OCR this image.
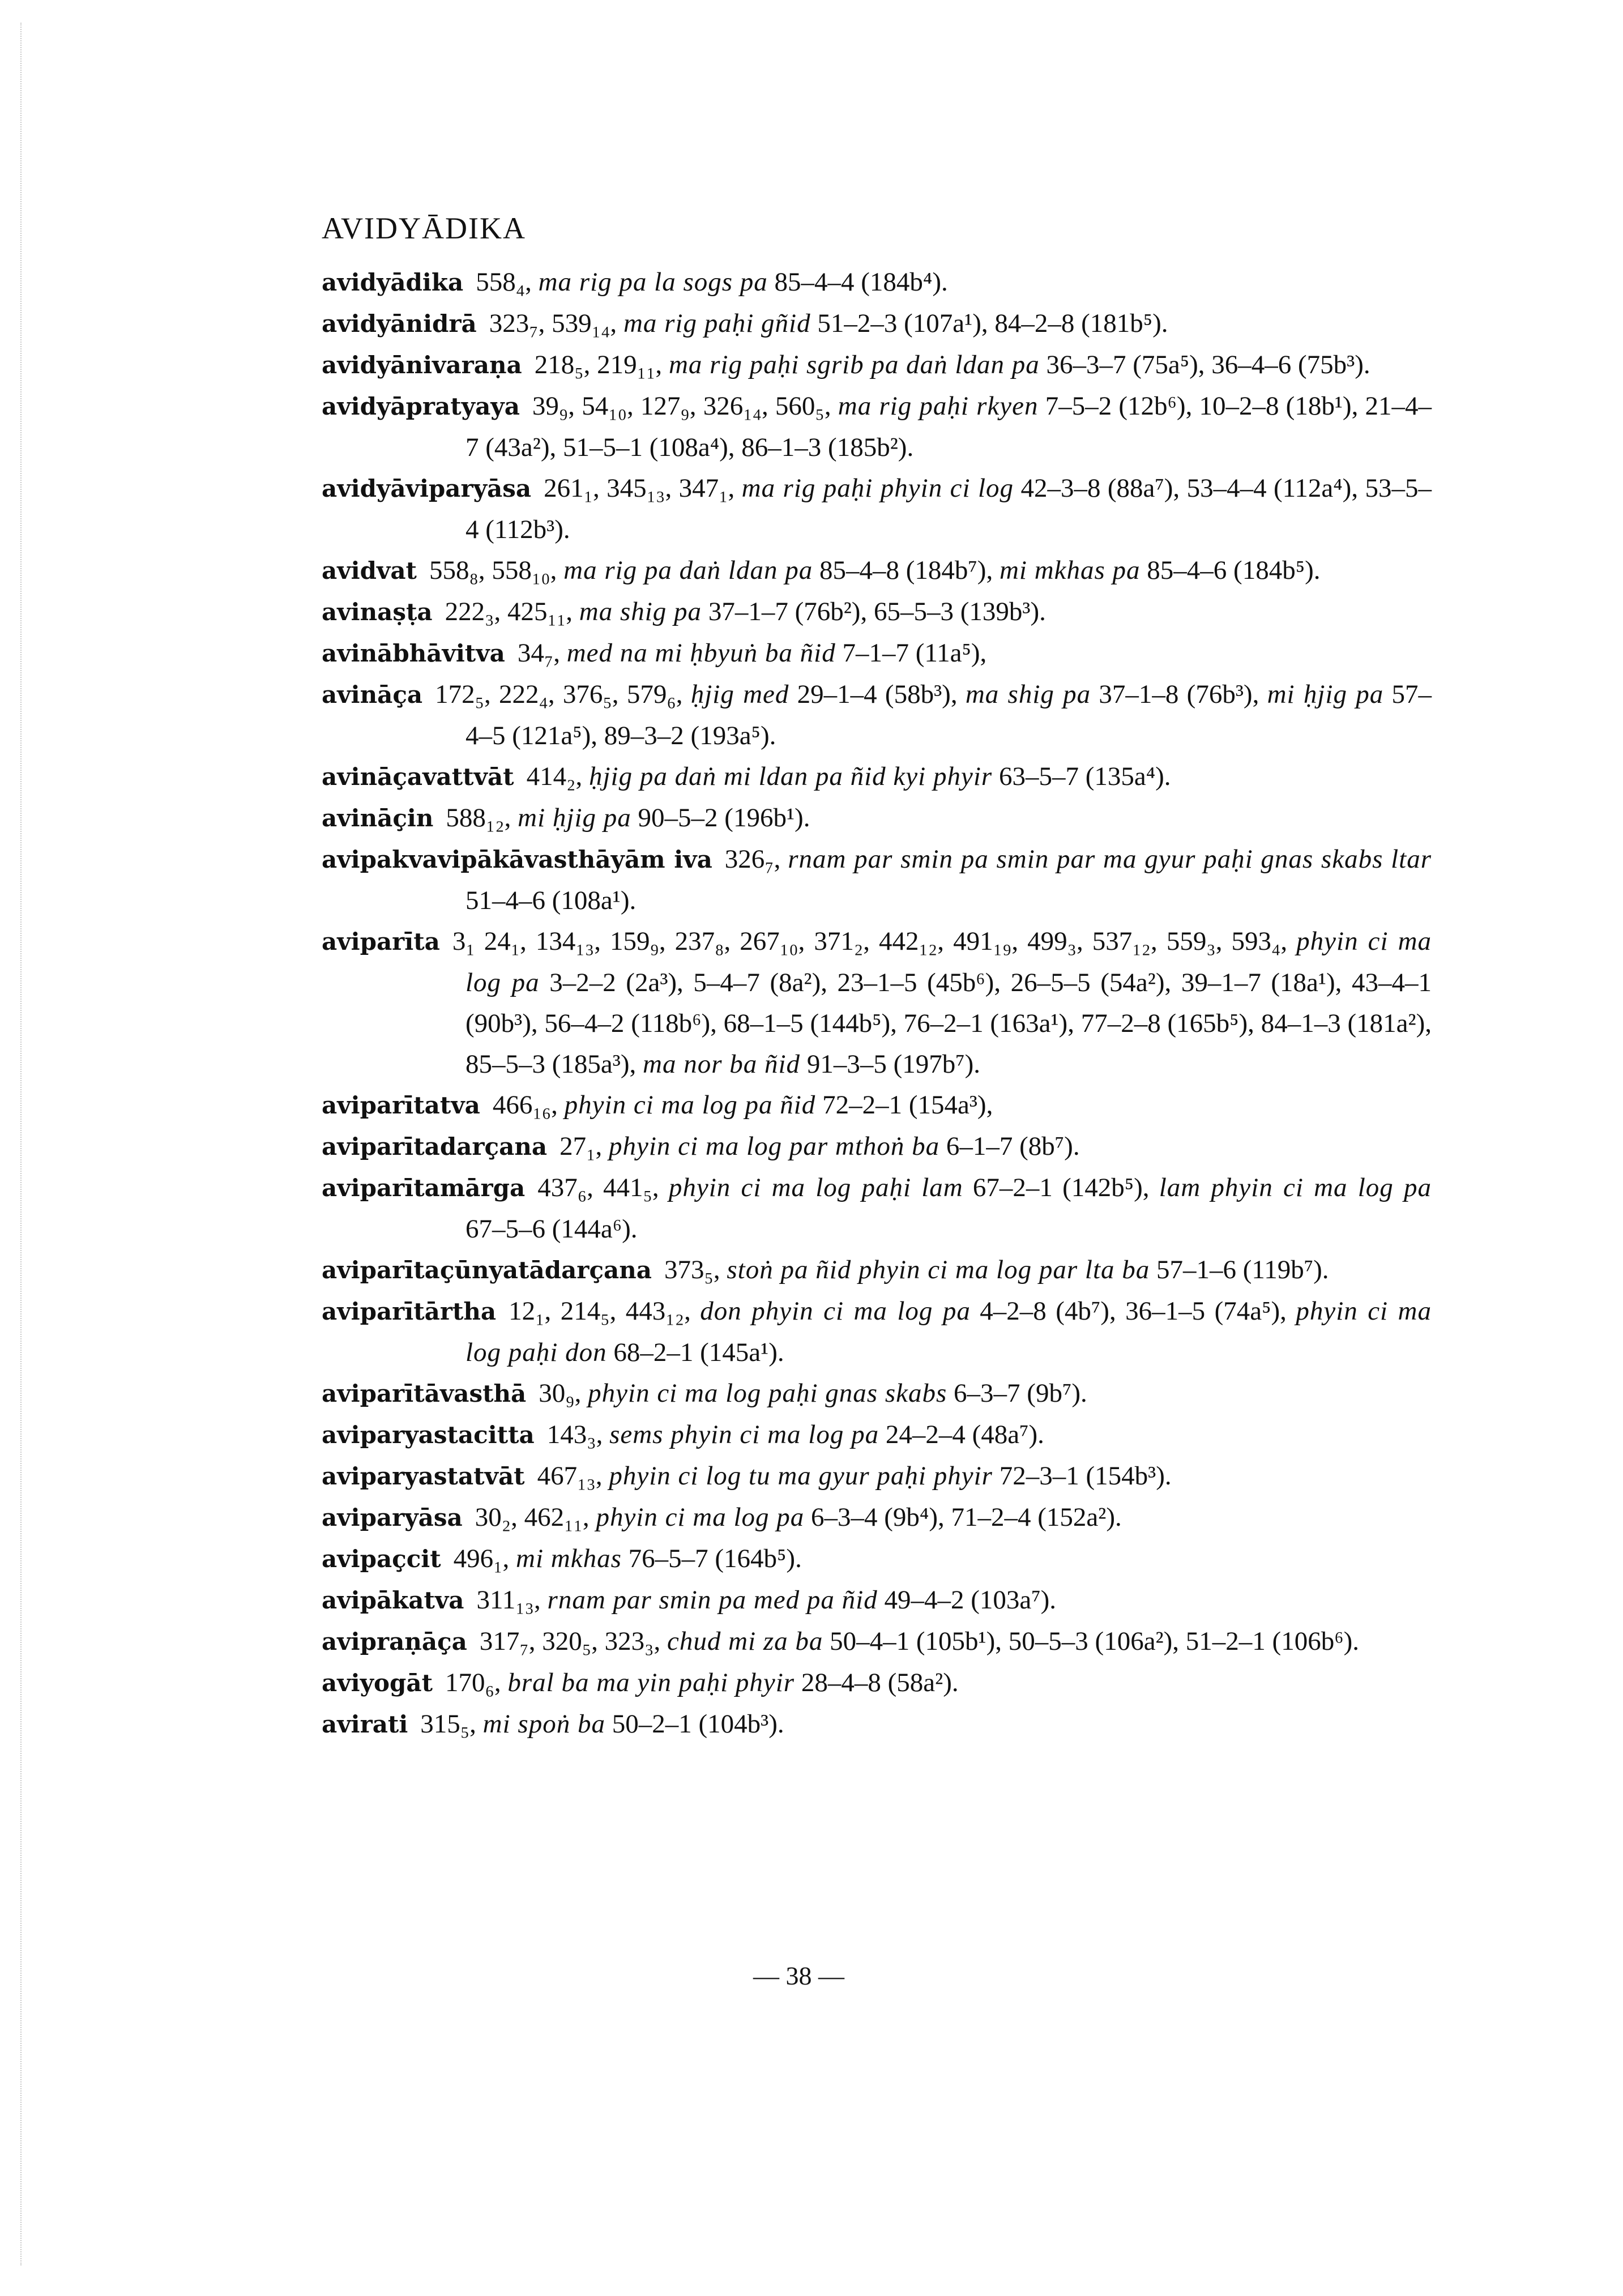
AVIDYĀDIKA
avidyādika 558₄, ma rig pa la sogs pa 85–4–4 (184b⁴).
avidyānidrā 323₇, 539₁₄, ma rig paḥi gñid 51–2–3 (107a¹), 84–2–8 (181b⁵).
avidyānivaraṇa 218₅, 219₁₁, ma rig paḥi sgrib pa daṅ ldan pa 36–3–7 (75a⁵), 36–4–6 (75b³).
avidyāpratyaya 39₉, 54₁₀, 127₉, 326₁₄, 560₅, ma rig paḥi rkyen 7–5–2 (12b⁶), 10–2–8 (18b¹), 21–4–7 (43a²), 51–5–1 (108a⁴), 86–1–3 (185b²).
avidyāviparyāsa 261₁, 345₁₃, 347₁, ma rig paḥi phyin ci log 42–3–8 (88a⁷), 53–4–4 (112a⁴), 53–5–4 (112b³).
avidvat 558₈, 558₁₀, ma rig pa daṅ ldan pa 85–4–8 (184b⁷), mi mkhas pa 85–4–6 (184b⁵).
avinaṣṭa 222₃, 425₁₁, ma shig pa 37–1–7 (76b²), 65–5–3 (139b³).
avinābhāvitva 34₇, med na mi ḥbyuṅ ba ñid 7–1–7 (11a⁵),
avināça 172₅, 222₄, 376₅, 579₆, ḥjig med 29–1–4 (58b³), ma shig pa 37–1–8 (76b³), mi ḥjig pa 57–4–5 (121a⁵), 89–3–2 (193a⁵).
avināçavattvāt 414₂, ḥjig pa daṅ mi ldan pa ñid kyi phyir 63–5–7 (135a⁴).
avināçin 588₁₂, mi ḥjig pa 90–5–2 (196b¹).
avipakvavipākāvasthāyām iva 326₇, rnam par smin pa smin par ma gyur paḥi gnas skabs ltar 51–4–6 (108a¹).
aviparīta 3₁ 24₁, 134₁₃, 159₉, 237₈, 267₁₀, 371₂, 442₁₂, 491₁₉, 499₃, 537₁₂, 559₃, 593₄, phyin ci ma log pa 3–2–2 (2a³), 5–4–7 (8a²), 23–1–5 (45b⁶), 26–5–5 (54a²), 39–1–7 (18a¹), 43–4–1 (90b³), 56–4–2 (118b⁶), 68–1–5 (144b⁵), 76–2–1 (163a¹), 77–2–8 (165b⁵), 84–1–3 (181a²), 85–5–3 (185a³), ma nor ba ñid 91–3–5 (197b⁷).
aviparītatva 466₁₆, phyin ci ma log pa ñid 72–2–1 (154a³),
aviparītadarçana 27₁, phyin ci ma log par mthoṅ ba 6–1–7 (8b⁷).
aviparītamārga 437₆, 441₅, phyin ci ma log paḥi lam 67–2–1 (142b⁵), lam phyin ci ma log pa 67–5–6 (144a⁶).
aviparītaçūnyatādarçana 373₅, stoṅ pa ñid phyin ci ma log par lta ba 57–1–6 (119b⁷).
aviparītārtha 12₁, 214₅, 443₁₂, don phyin ci ma log pa 4–2–8 (4b⁷), 36–1–5 (74a⁵), phyin ci ma log paḥi don 68–2–1 (145a¹).
aviparītāvasthā 30₉, phyin ci ma log paḥi gnas skabs 6–3–7 (9b⁷).
aviparyastacitta 143₃, sems phyin ci ma log pa 24–2–4 (48a⁷).
aviparyastatvāt 467₁₃, phyin ci log tu ma gyur paḥi phyir 72–3–1 (154b³).
aviparyāsa 30₂, 462₁₁, phyin ci ma log pa 6–3–4 (9b⁴), 71–2–4 (152a²).
avipaçcit 496₁, mi mkhas 76–5–7 (164b⁵).
avipākatva 311₁₃, rnam par smin pa med pa ñid 49–4–2 (103a⁷).
avipraṇāça 317₇, 320₅, 323₃, chud mi za ba 50–4–1 (105b¹), 50–5–3 (106a²), 51–2–1 (106b⁶).
aviyogāt 170₆, bral ba ma yin paḥi phyir 28–4–8 (58a²).
avirati 315₅, mi spoṅ ba 50–2–1 (104b³).
— 38 —
